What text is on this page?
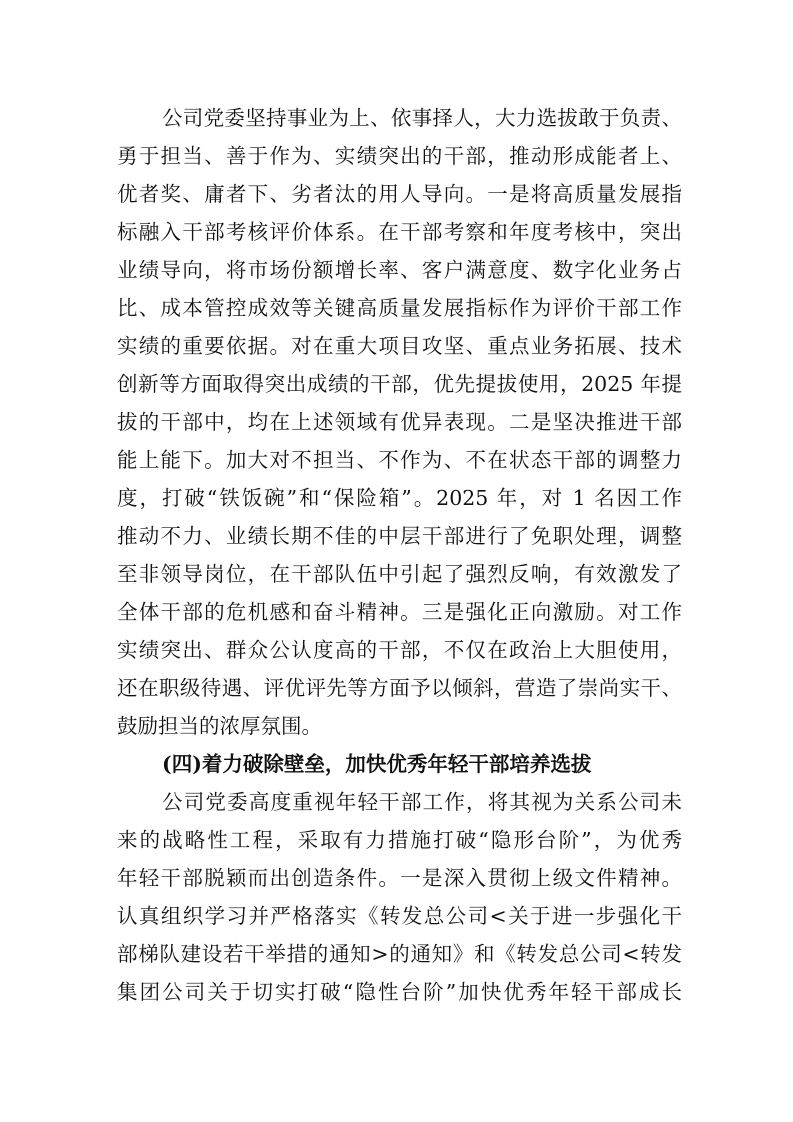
公司党委坚持事业为上、依事择人，大力选拔敢于负责、
勇于担当、善于作为、实绩突出的干部，推动形成能者上、
优者奖、庸者下、劣者汰的用人导向。一是将高质量发展指
标融入干部考核评价体系。在干部考察和年度考核中，突出
业绩导向，将市场份额增长率、客户满意度、数字化业务占
比、成本管控成效等关键高质量发展指标作为评价干部工作
实绩的重要依据。对在重大项目攻坚、重点业务拓展、技术
创新等方面取得突出成绩的干部，优先提拔使用，2025 年提
拔的干部中，均在上述领域有优异表现。二是坚决推进干部
能上能下。加大对不担当、不作为、不在状态干部的调整力
度，打破“铁饭碗”和“保险箱”。2025 年，对 1 名因工作
推动不力、业绩长期不佳的中层干部进行了免职处理，调整
至非领导岗位，在干部队伍中引起了强烈反响，有效激发了
全体干部的危机感和奋斗精神。三是强化正向激励。对工作
实绩突出、群众公认度高的干部，不仅在政治上大胆使用，
还在职级待遇、评优评先等方面予以倾斜，营造了崇尚实干、
鼓励担当的浓厚氛围。
(四)着力破除壁垒，加快优秀年轻干部培养选拔
公司党委高度重视年轻干部工作，将其视为关系公司未
来的战略性工程，采取有力措施打破“隐形台阶”，为优秀
年轻干部脱颖而出创造条件。一是深入贯彻上级文件精神。
认真组织学习并严格落实《转发总公司<关于进一步强化干
部梯队建设若干举措的通知>的通知》和《转发总公司<转发
集团公司关于切实打破“隐性台阶”加快优秀年轻干部成长
